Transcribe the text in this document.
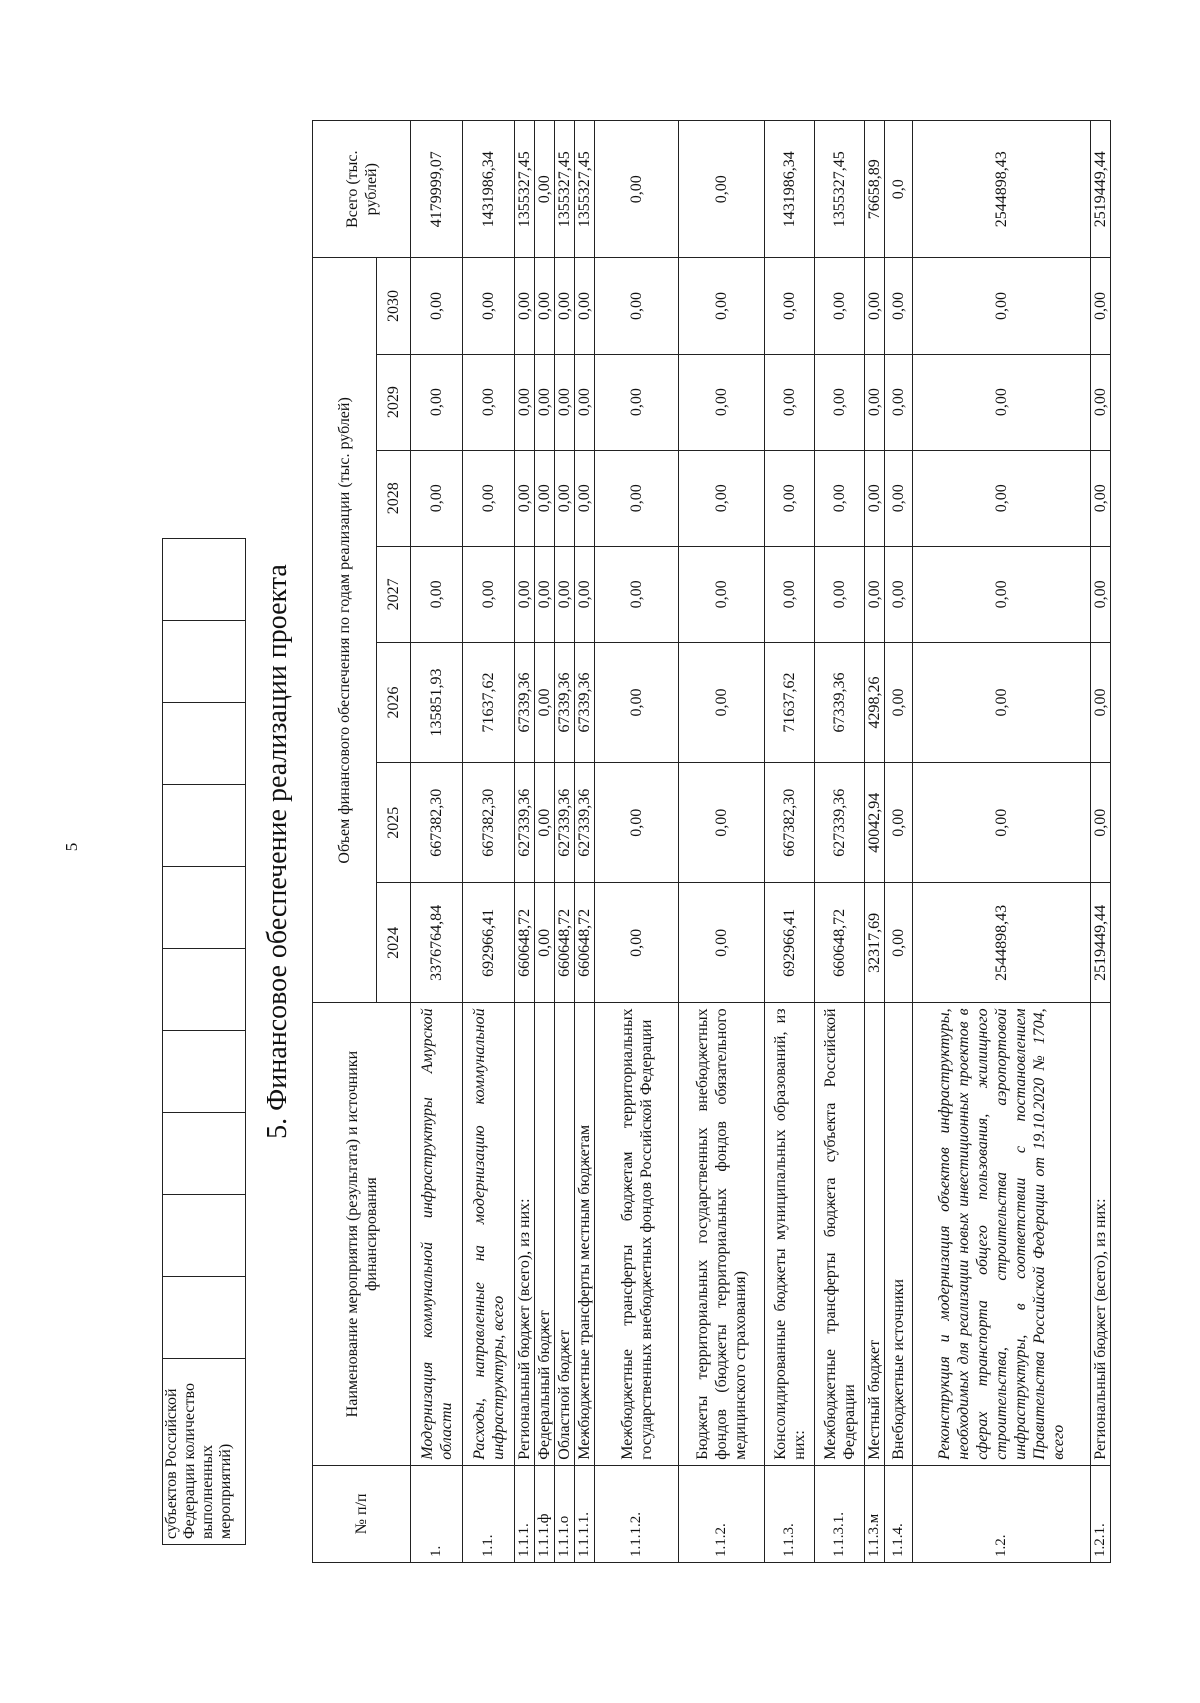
5
субъектов Российской Федерации количество выполненных мероприятий)										
5. Финансовое обеспечение реализации проекта
№ п/п	Наименование мероприятия (результата) и источники финансирования	Объем финансового обеспечения по годам реализации (тыс. рублей)							Всего (тыс. рублей)
		2024	2025	2026	2027	2028	2029	2030	
1.	Модернизация коммунальной инфраструктуры Амурской области	3376764,84	667382,30	135851,93	0,00	0,00	0,00	0,00	4179999,07
1.1.	Расходы, направленные на модернизацию коммунальной инфраструктуры, всего	692966,41	667382,30	71637,62	0,00	0,00	0,00	0,00	1431986,34
1.1.1.	Региональный бюджет (всего), из них:	660648,72	627339,36	67339,36	0,00	0,00	0,00	0,00	1355327,45
1.1.1.ф	Федеральный бюджет	0,00	0,00	0,00	0,00	0,00	0,00	0,00	0,00
1.1.1.о	Областной бюджет	660648,72	627339,36	67339,36	0,00	0,00	0,00	0,00	1355327,45
1.1.1.1.	Межбюджетные трансферты местным бюджетам	660648,72	627339,36	67339,36	0,00	0,00	0,00	0,00	1355327,45
1.1.1.2.	Межбюджетные трансферты бюджетам территориальных государственных внебюджетных фондов Российской Федерации	0,00	0,00	0,00	0,00	0,00	0,00	0,00	0,00
1.1.2.	Бюджеты территориальных государственных внебюджетных фондов (бюджеты территориальных фондов обязательного медицинского страхования)	0,00	0,00	0,00	0,00	0,00	0,00	0,00	0,00
1.1.3.	Консолидированные бюджеты муниципальных образований, из них:	692966,41	667382,30	71637,62	0,00	0,00	0,00	0,00	1431986,34
1.1.3.1.	Межбюджетные трансферты бюджета субъекта Российской Федерации	660648,72	627339,36	67339,36	0,00	0,00	0,00	0,00	1355327,45
1.1.3.м	Местный бюджет	32317,69	40042,94	4298,26	0,00	0,00	0,00	0,00	76658,89
1.1.4.	Внебюджетные источники	0,00	0,00	0,00	0,00	0,00	0,00	0,00	0,0
1.2.	Реконструкция и модернизация объектов инфраструктуры, необходимых для реализации новых инвестиционных проектов в сферах транспорта общего пользования, жилищного строительства, строительства аэропортовой инфраструктуры, в соответствии с постановлением Правительства Российской Федерации от 19.10.2020 № 1704, всего	2544898,43	0,00	0,00	0,00	0,00	0,00	0,00	2544898,43
1.2.1.	Региональный бюджет (всего), из них:	2519449,44	0,00	0,00	0,00	0,00	0,00	0,00	2519449,44
